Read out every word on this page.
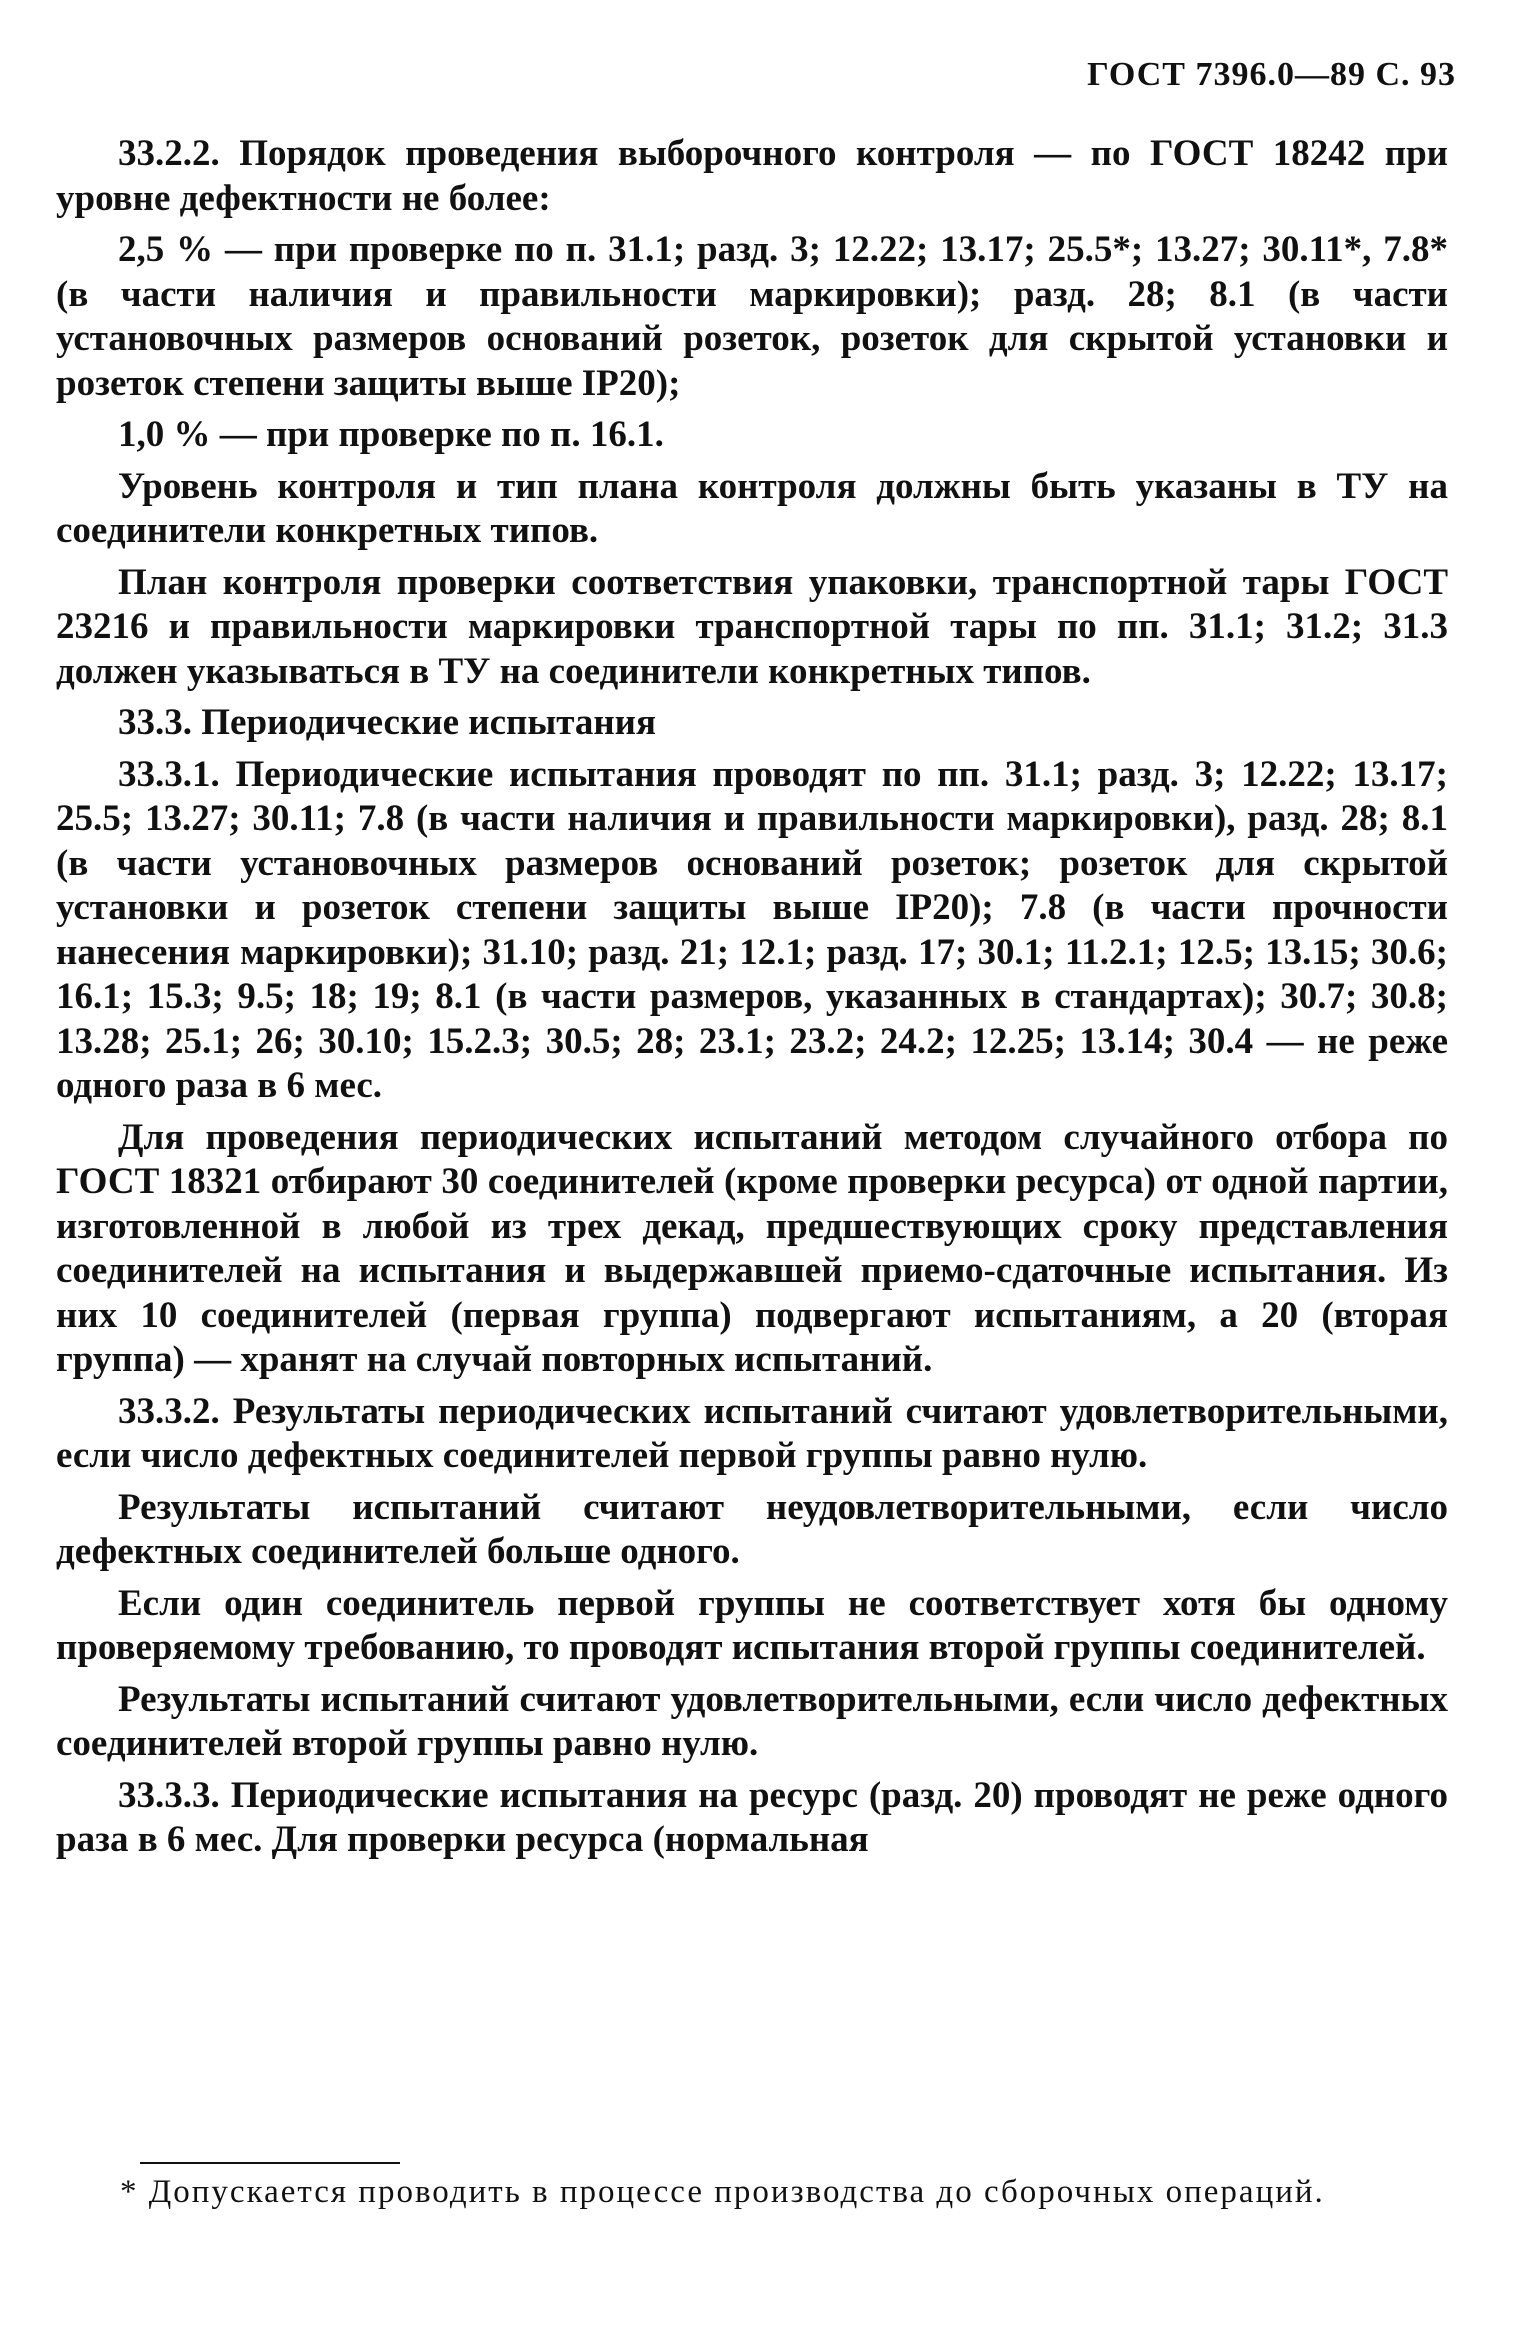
ГОСТ 7396.0—89 С. 93

33.2.2. Порядок проведения выборочного контроля — по ГОСТ 18242 при уровне дефектности не более:

2,5 % — при проверке по п. 31.1; разд. 3; 12.22; 13.17; 25.5*; 13.27; 30.11*, 7.8* (в части наличия и правильности маркировки); разд. 28; 8.1 (в части установочных размеров оснований розеток, розеток для скрытой установки и розеток степени защиты выше IP20);

1,0 % — при проверке по п. 16.1.

Уровень контроля и тип плана контроля должны быть указаны в ТУ на соединители конкретных типов.

План контроля проверки соответствия упаковки, транспортной тары ГОСТ 23216 и правильности маркировки транспортной тары по пп. 31.1; 31.2; 31.3 должен указываться в ТУ на соединители конкретных типов.

33.3. Периодические испытания

33.3.1. Периодические испытания проводят по пп. 31.1; разд. 3; 12.22; 13.17; 25.5; 13.27; 30.11; 7.8 (в части наличия и правильности маркировки), разд. 28; 8.1 (в части установочных размеров оснований розеток; розеток для скрытой установки и розеток степени защиты выше IP20); 7.8 (в части прочности нанесения маркировки); 31.10; разд. 21; 12.1; разд. 17; 30.1; 11.2.1; 12.5; 13.15; 30.6; 16.1; 15.3; 9.5; 18; 19; 8.1 (в части размеров, указанных в стандартах); 30.7; 30.8; 13.28; 25.1; 26; 30.10; 15.2.3; 30.5; 28; 23.1; 23.2; 24.2; 12.25; 13.14; 30.4 — не реже одного раза в 6 мес.

Для проведения периодических испытаний методом случайного отбора по ГОСТ 18321 отбирают 30 соединителей (кроме проверки ресурса) от одной партии, изготовленной в любой из трех декад, предшествующих сроку представления соединителей на испытания и выдержавшей приемо-сдаточные испытания. Из них 10 соединителей (первая группа) подвергают испытаниям, а 20 (вторая группа) — хранят на случай повторных испытаний.

33.3.2. Результаты периодических испытаний считают удовлетворительными, если число дефектных соединителей первой группы равно нулю.

Результаты испытаний считают неудовлетворительными, если число дефектных соединителей больше одного.

Если один соединитель первой группы не соответствует хотя бы одному проверяемому требованию, то проводят испытания второй группы соединителей.

Результаты испытаний считают удовлетворительными, если число дефектных соединителей второй группы равно нулю.

33.3.3. Периодические испытания на ресурс (разд. 20) проводят не реже одного раза в 6 мес. Для проверки ресурса (нормальная

* Допускается проводить в процессе производства до сборочных операций.
